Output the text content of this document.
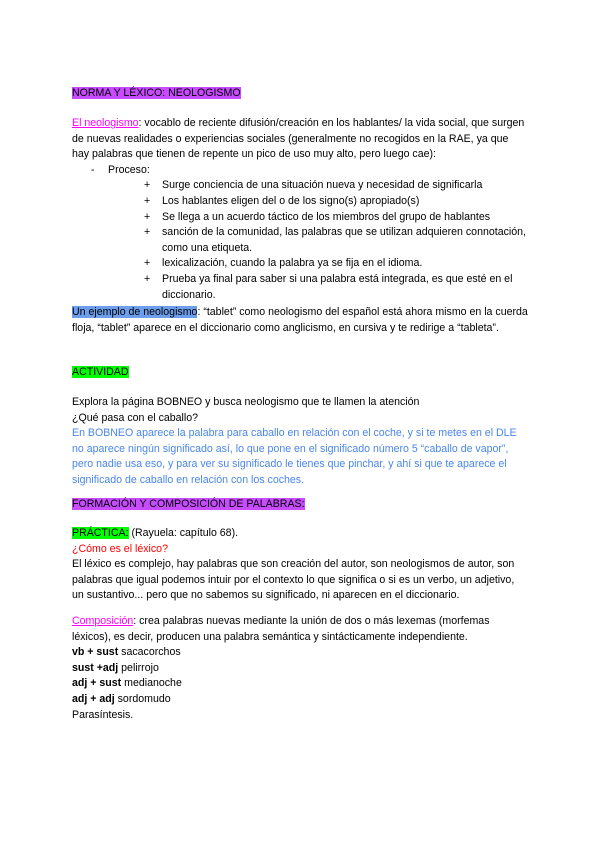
NORMA Y LÉXICO: NEOLOGISMO

El neologismo: vocablo de reciente difusión/creación en los hablantes/ la vida social, que surgen de nuevas realidades o experiencias sociales (generalmente no recogidos en la RAE, ya que hay palabras que tienen de repente un pico de uso muy alto, pero luego cae):

- Proceso:
+ Surge conciencia de una situación nueva y necesidad de significarla
+ Los hablantes eligen del o de los signo(s) apropiado(s)
+ Se llega a un acuerdo táctico de los miembros del grupo de hablantes
+ sanción de la comunidad, las palabras que se utilizan adquieren connotación, como una etiqueta.
+ lexicalización, cuando la palabra ya se fija en el idioma.
+ Prueba ya final para saber si una palabra está integrada, es que esté en el diccionario.

Un ejemplo de neologismo: “tablet” como neologismo del español está ahora mismo en la cuerda floja, “tablet” aparece en el diccionario como anglicismo, en cursiva y te redirige a “tableta”.

ACTIVIDAD

Explora la página BOBNEO y busca neologismo que te llamen la atención

¿Qué pasa con el caballo?

En BOBNEO aparece la palabra para caballo en relación con el coche, y si te metes en el DLE no aparece ningún significado así, lo que pone en el significado número 5 “caballo de vapor”, pero nadie usa eso, y para ver su significado le tienes que pinchar, y ahí si que te aparece el significado de caballo en relación con los coches.

FORMACIÓN Y COMPOSICIÓN DE PALABRAS:

PRÁCTICA: (Rayuela: capítulo 68).

¿Cómo es el léxico?

El léxico es complejo, hay palabras que son creación del autor, son neologismos de autor, son palabras que igual podemos intuir por el contexto lo que significa o si es un verbo, un adjetivo, un sustantivo... pero que no sabemos su significado, ni aparecen en el diccionario.

Composición: crea palabras nuevas mediante la unión de dos o más lexemas (morfemas léxicos), es decir, producen una palabra semántica y sintácticamente independiente.

vb + sust sacacorchos

sust +adj pelirrojo

adj + sust medianoche

adj + adj sordomudo

Parasíntesis.
